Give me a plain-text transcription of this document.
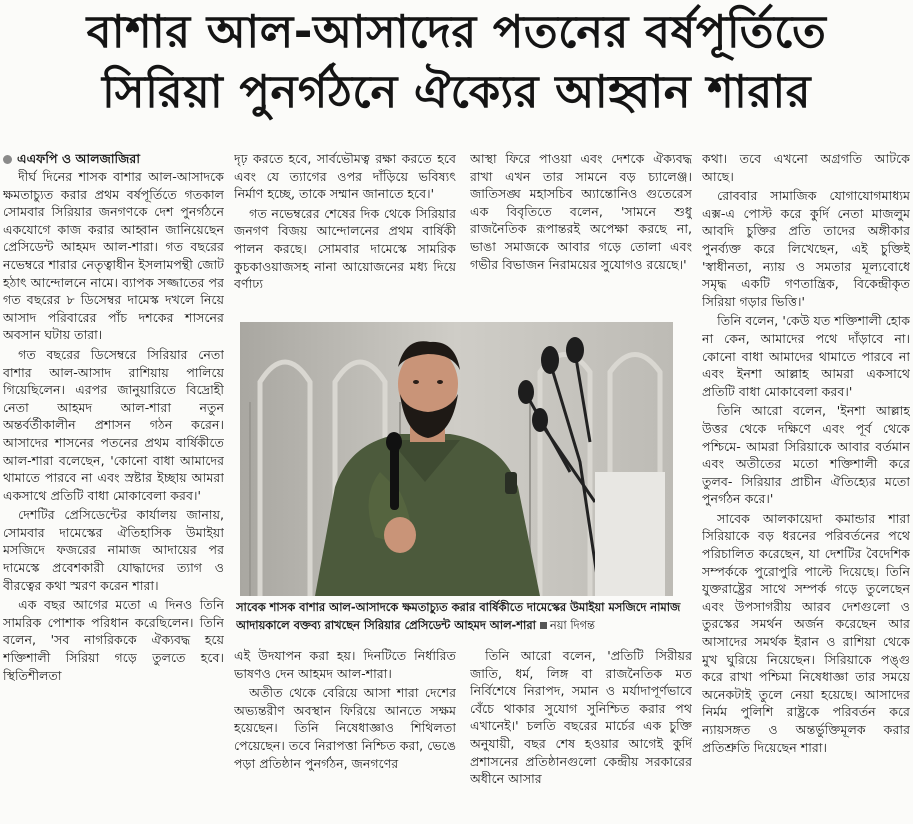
বাশার আল-আসাদের পতনের বর্ষপূর্তিতে
সিরিয়া পুনর্গঠনে ঐক্যের আহ্বান শারার
এএফপি ও আলজাজিরা

দীর্ঘ দিনের শাসক বাশার আল-আসাদকে ক্ষমতাচ্যুত করার প্রথম বর্ষপূর্তিতে গতকাল সোমবার সিরিয়ার জনগণকে দেশ পুনর্গঠনে একযোগে কাজ করার আহ্বান জানিয়েছেন প্রেসিডেন্ট আহমদ আল-শারা। গত বছরের নভেম্বরে শারার নেতৃত্বাধীন ইসলামপন্থী জোট হঠাৎ আন্দোলনে নামে। ব্যাপক সজ্জাতের পর গত বছরের ৮ ডিসেম্বর দামেস্ক দখলে নিয়ে আসাদ পরিবারের পাঁচ দশকের শাসনের অবসান ঘটায় তারা।

গত বছরের ডিসেম্বরে সিরিয়ার নেতা বাশার আল-আসাদ রাশিয়ায় পালিয়ে গিয়েছিলেন। এরপর জানুয়ারিতে বিদ্রোহী নেতা আহমদ আল-শারা নতুন অন্তর্বর্তীকালীন প্রশাসন গঠন করেন। আসাদের শাসনের পতনের প্রথম বার্ষিকীতে আল-শারা বলেছেন, 'কোনো বাধা আমাদের থামাতে পারবে না এবং স্রষ্টার ইচ্ছায় আমরা একসাথে প্রতিটি বাধা মোকাবেলা করব।'

দেশটির প্রেসিডেন্টের কার্যালয় জানায়, সোমবার দামেস্কের ঐতিহাসিক উমাইয়া মসজিদে ফজরের নামাজ আদায়ের পর দামেস্কে প্রবেশকারী যোদ্ধাদের ত্যাগ ও বীরত্বের কথা স্মরণ করেন শারা।

এক বছর আগের মতো এ দিনও তিনি সামরিক পোশাক পরিধান করেছিলেন। তিনি বলেন, 'সব নাগরিককে ঐক্যবদ্ধ হয়ে শক্তিশালী সিরিয়া গড়ে তুলতে হবে। স্থিতিশীলতা

দৃঢ় করতে হবে, সার্বভৌমত্ব রক্ষা করতে হবে এবং যে ত্যাগের ওপর দাঁড়িয়ে ভবিষ্যৎ নির্মাণ হচ্ছে, তাকে সম্মান জানাতে হবে।'

গত নভেম্বরের শেষের দিক থেকে সিরিয়ার জনগণ বিজয় আন্দোলনের প্রথম বার্ষিকী পালন করছে। সোমবার দামেস্কে সামরিক কুচকাওয়াজসহ নানা আয়োজনের মধ্য দিয়ে বর্ণাঢ্য

আস্থা ফিরে পাওয়া এবং দেশকে ঐক্যবদ্ধ রাখা এখন তার সামনে বড় চ্যালেঞ্জ। জাতিসঙ্ঘ মহাসচিব অ্যান্তোনিও গুতেরেস এক বিবৃতিতে বলেন, 'সামনে শুধু রাজনৈতিক রূপান্তরই অপেক্ষা করছে না, ভাঙা সমাজকে আবার গড়ে তোলা এবং গভীর বিভাজন নিরাময়ের সুযোগও রয়েছে।'

কথা। তবে এখনো অগ্রগতি আটকে আছে।

রোববার সামাজিক যোগাযোগমাধ্যম এক্স-এ পোস্ট করে কুর্দি নেতা মাজলুম আবদি চুক্তির প্রতি তাদের অঙ্গীকার পুনর্ব্যক্ত করে লিখেছেন, এই চুক্তিই 'স্বাধীনতা, ন্যায় ও সমতার মূল্যবোধে সমৃদ্ধ একটি গণতান্ত্রিক, বিকেন্দ্রীকৃত সিরিয়া গড়ার ভিত্তি।'

তিনি বলেন, 'কেউ যত শক্তিশালী হোক না কেন, আমাদের পথে দাঁড়াবে না। কোনো বাধা আমাদের থামাতে পারবে না এবং ইনশা আল্লাহ আমরা একসাথে প্রতিটি বাধা মোকাবেলা করব।'

তিনি আরো বলেন, 'ইনশা আল্লাহ উত্তর থেকে দক্ষিণে এবং পূর্ব থেকে পশ্চিমে- আমরা সিরিয়াকে আবার বর্তমান এবং অতীতের মতো শক্তিশালী করে তুলব- সিরিয়ার প্রাচীন ঐতিহ্যের মতো পুনর্গঠন করে।'

সাবেক আলকায়েদা কমান্ডার শারা সিরিয়াকে বড় ধরনের পরিবর্তনের পথে পরিচালিত করেছেন, যা দেশটির বৈদেশিক সম্পর্ককে পুরোপুরি পাল্টে দিয়েছে। তিনি যুক্তরাষ্ট্রের সাথে সম্পর্ক গড়ে তুলেছেন এবং উপসাগরীয় আরব দেশগুলো ও তুরস্কের সমর্থন অর্জন করেছেন আর আসাদের সমর্থক ইরান ও রাশিয়া থেকে মুখ ঘুরিয়ে নিয়েছেন। সিরিয়াকে পঙ্গু করে রাখা পশ্চিমা নিষেধাজ্ঞা তার সময়ে অনেকটাই তুলে নেয়া হয়েছে। আসাদের নির্মম পুলিশি রাষ্ট্রকে পরিবর্তন করে ন্যায়সঙ্গত ও অন্তর্ভুক্তিমূলক করার প্রতিশ্রুতি দিয়েছেন শারা।

সাবেক শাসক বাশার আল-আসাদকে ক্ষমতাচ্যুত করার বার্ষিকীতে দামেস্কের উমাইয়া মসজিদে নামাজ আদায়কালে বক্তব্য রাখছেন সিরিয়ার প্রেসিডেন্ট আহমদ আল-শারা নয়া দিগন্ত

এই উদযাপন করা হয়। দিনটিতে নির্ধারিত ভাষণও দেন আহমদ আল-শারা।

অতীত থেকে বেরিয়ে আসা শারা দেশের অভ্যন্তরীণ অবস্থান ফিরিয়ে আনতে সক্ষম হয়েছেন। তিনি নিষেধাজ্ঞাও শিথিলতা পেয়েছেন। তবে নিরাপত্তা নিশ্চিত করা, ভেঙে পড়া প্রতিষ্ঠান পুনর্গঠন, জনগণের

তিনি আরো বলেন, 'প্রতিটি সিরীয়র জাতি, ধর্ম, লিঙ্গ বা রাজনৈতিক মত নির্বিশেষে নিরাপদ, সমান ও মর্যাদাপূর্ণভাবে বেঁচে থাকার সুযোগ সুনিশ্চিত করার পথ এখানেই।' চলতি বছরের মার্চের এক চুক্তি অনুযায়ী, বছর শেষ হওয়ার আগেই কুর্দি প্রশাসনের প্রতিষ্ঠানগুলো কেন্দ্রীয় সরকারের অধীনে আসার
